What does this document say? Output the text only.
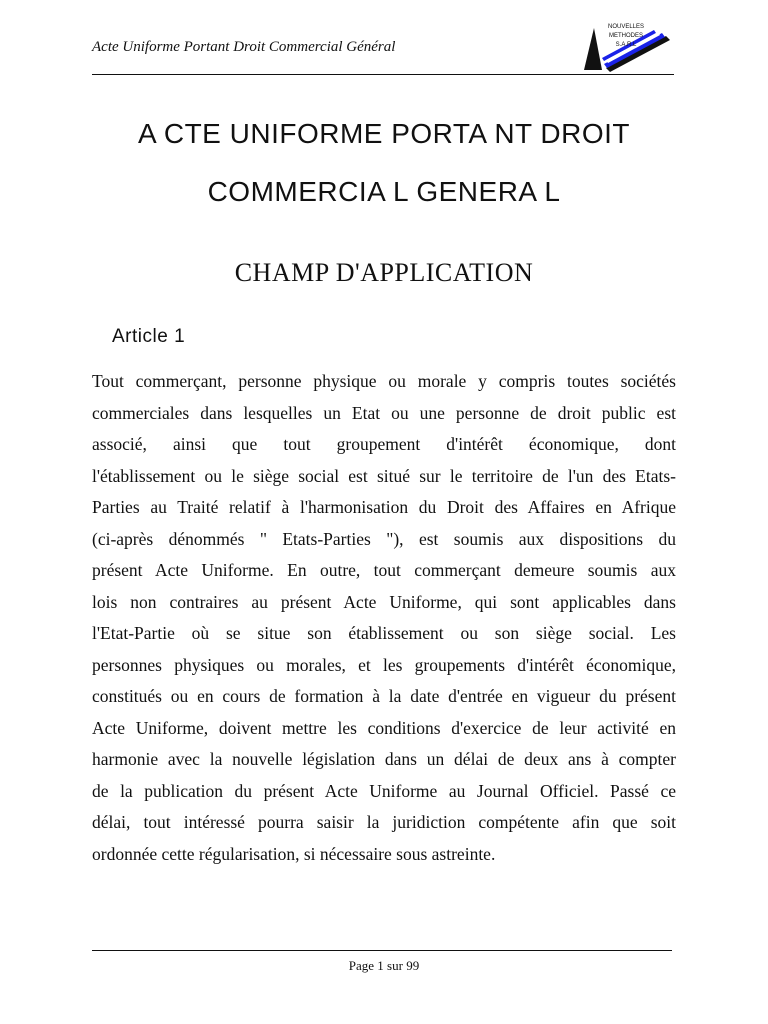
Acte Uniforme Portant Droit Commercial Général
NOUVELLES
METHODES
S.A.R.L
A CTE UNIFORME PORTA NT DROIT
COMMERCIA L GENERA L
CHAMP D'APPLICATION
Article 1
Tout commerçant, personne physique ou morale y compris toutes sociétés
commerciales dans lesquelles un Etat ou une personne de droit public est
associé, ainsi que tout groupement d'intérêt économique, dont
l'établissement ou le siège social est situé sur le territoire de l'un des Etats-
Parties au Traité relatif à l'harmonisation du Droit des Affaires en Afrique
(ci-après dénommés " Etats-Parties "), est soumis aux dispositions du
présent Acte Uniforme. En outre, tout commerçant demeure soumis aux
lois non contraires au présent Acte Uniforme, qui sont applicables dans
l'Etat-Partie où se situe son établissement ou son siège social. Les
personnes physiques ou morales, et les groupements d'intérêt économique,
constitués ou en cours de formation à la date d'entrée en vigueur du présent
Acte Uniforme, doivent mettre les conditions d'exercice de leur activité en
harmonie avec la nouvelle législation dans un délai de deux ans à compter
de la publication du présent Acte Uniforme au Journal Officiel. Passé ce
délai, tout intéressé pourra saisir la juridiction compétente afin que soit
ordonnée cette régularisation, si nécessaire sous astreinte.
Page 1 sur 99
